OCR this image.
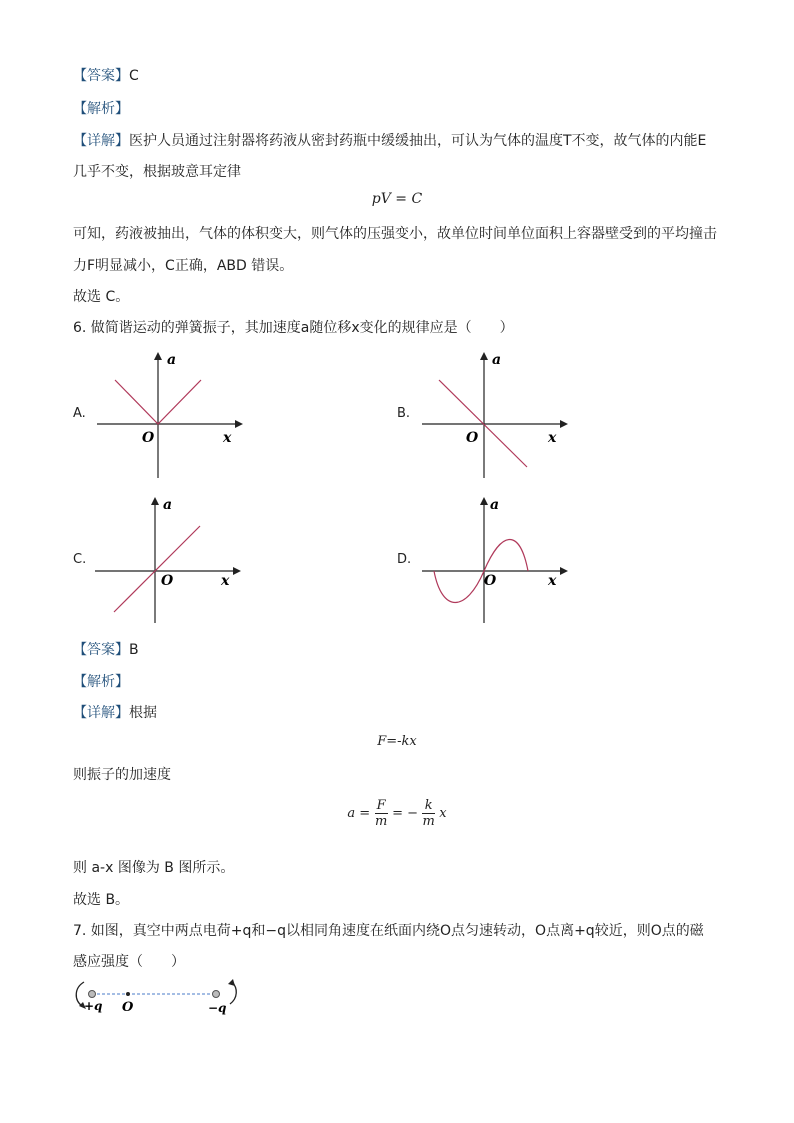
【答案】C
【解析】
【详解】医护人员通过注射器将药液从密封药瓶中缓缓抽出，可认为气体的温度T不变，故气体的内能E
几乎不变，根据玻意耳定律
pV = C
可知，药液被抽出，气体的体积变大，则气体的压强变小，故单位时间单位面积上容器壁受到的平均撞击
力F明显减小，C正确，ABD 错误。
故选 C。
6. 做简谐运动的弹簧振子，其加速度a随位移x变化的规律应是（　　）
A.
a
x
O
B.
a
x
O
C.
a
x
O
D.
a
x
O
【答案】B
【解析】
【详解】根据
F=-kx
则振子的加速度
a =
$\frac{F}{m}$
= −
$\frac{k}{m}$
x
则 a-x 图像为 B 图所示。
故选 B。
7. 如图，真空中两点电荷+q和−q以相同角速度在纸面内绕O点匀速转动，O点离+q较近，则O点的磁
感应强度（　　）
+q O	−q
